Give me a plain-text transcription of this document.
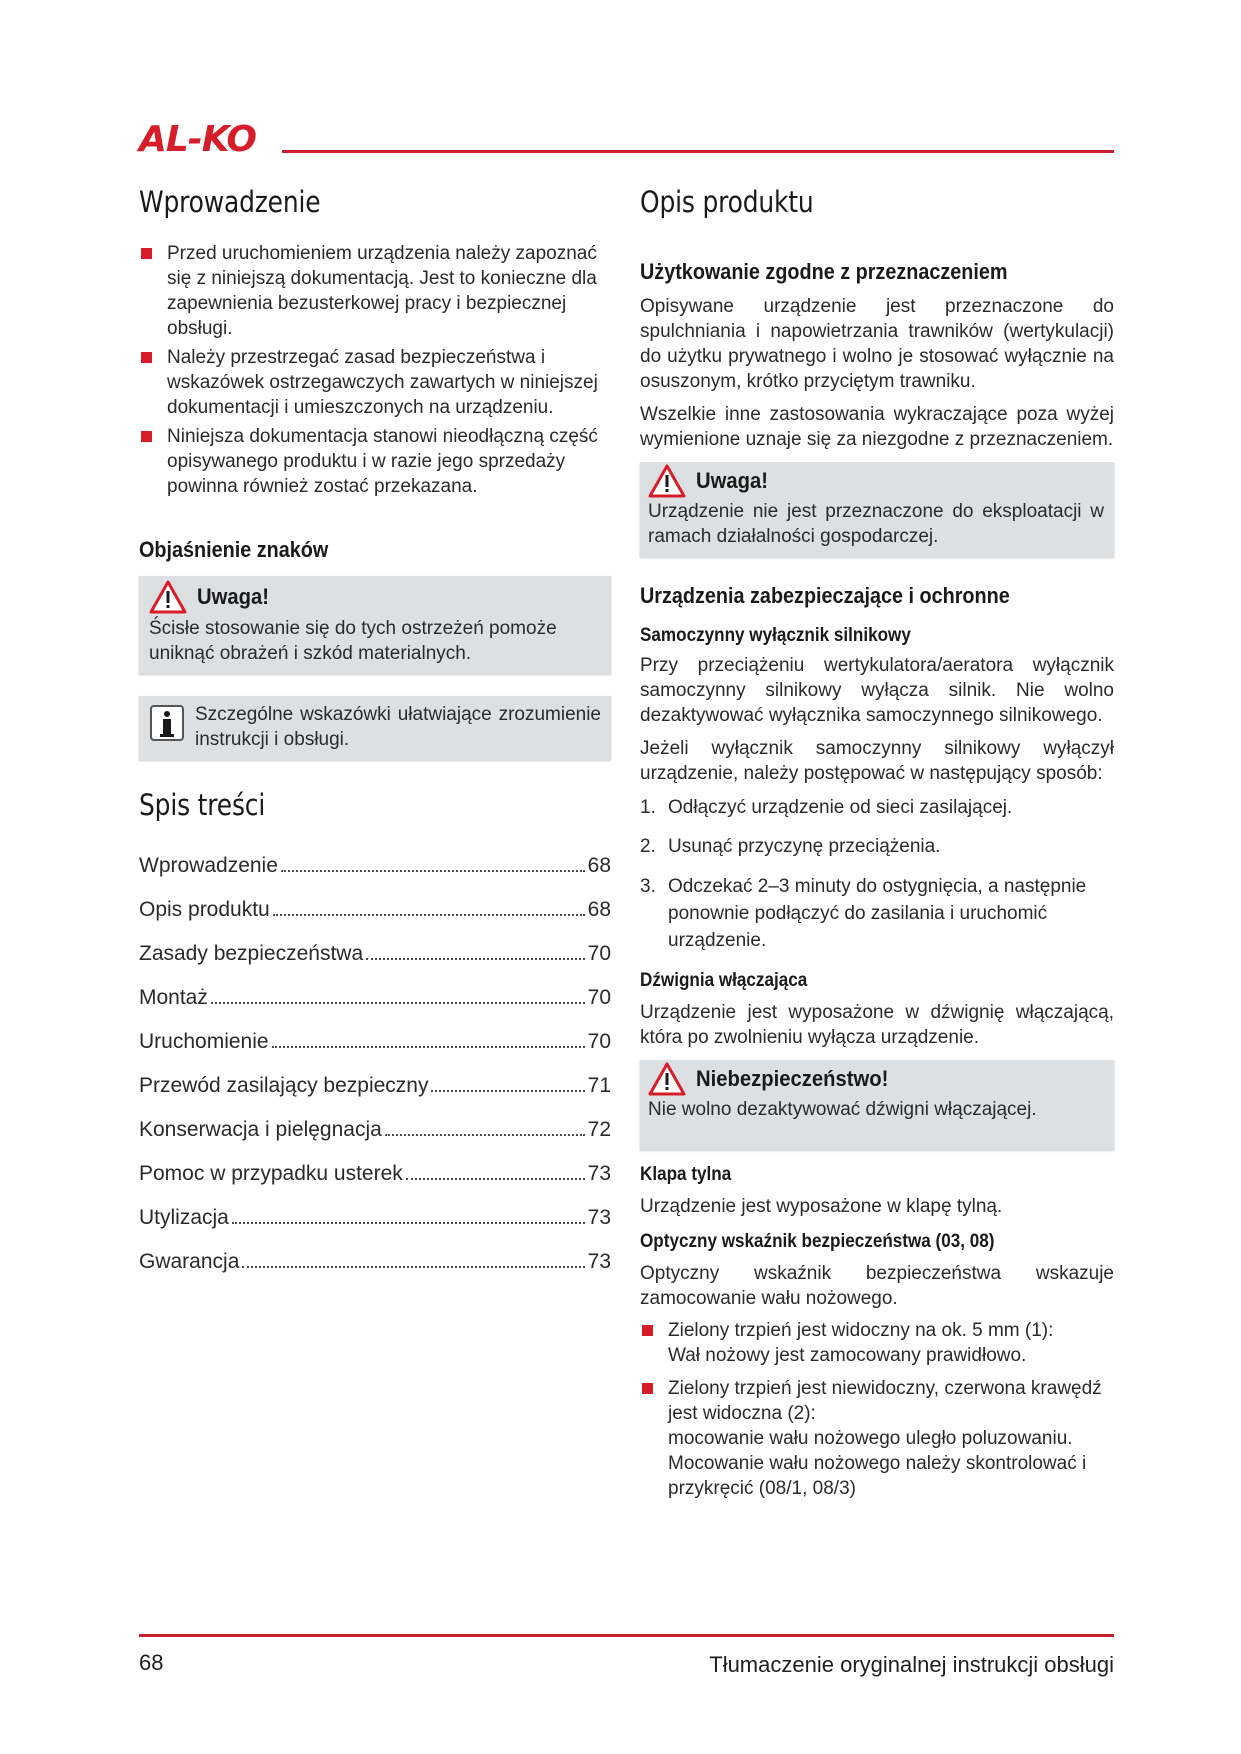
AL-KO
Wprowadzenie
Przed uruchomieniem urządzenia należy zapoznać się z niniejszą dokumentacją. Jest to konieczne dla zapewnienia bezusterkowej pracy i bezpiecznej obsługi.
Należy przestrzegać zasad bezpieczeństwa i wskazówek ostrzegawczych zawartych w niniejszej dokumentacji i umieszczonych na urządzeniu.
Niniejsza dokumentacja stanowi nieodłączną część opisywanego produktu i w razie jego sprzedaży powinna również zostać przekazana.
Objaśnienie znaków
Uwaga!

Ścisłe stosowanie się do tych ostrzeżeń pomoże uniknąć obrażeń i szkód materialnych.

Szczególne wskazówki ułatwiające zrozumienie instrukcji i obsługi.

Spis treści
Wprowadzenie	68
Opis produktu	68
Zasady bezpieczeństwa	70
Montaż	70
Uruchomienie	70
Przewód zasilający bezpieczny	71
Konserwacja i pielęgnacja	72
Pomoc w przypadku usterek	73
Utylizacja	73
Gwarancja	73
Opis produktu
Użytkowanie zgodne z przeznaczeniem

Opisywane urządzenie jest przeznaczone do spulchniania i napowietrzania trawników (wertykulacji) do użytku prywatnego i wolno je stosować wyłącznie na osuszonym, krótko przyciętym trawniku.

Wszelkie inne zastosowania wykraczające poza wyżej wymienione uznaje się za niezgodne z przeznaczeniem.

Uwaga!

Urządzenie nie jest przeznaczone do eksploatacji w ramach działalności gospodarczej.

Urządzenia zabezpieczające i ochronne
Samoczynny wyłącznik silnikowy

Przy przeciążeniu wertykulatora/aeratora wyłącznik samoczynny silnikowy wyłącza silnik. Nie wolno dezaktywować wyłącznika samoczynnego silnikowego.

Jeżeli wyłącznik samoczynny silnikowy wyłączył urządzenie, należy postępować w następujący sposób:

1. Odłączyć urządzenie od sieci zasilającej.
2. Usunąć przyczynę przeciążenia.
3. Odczekać 2–3 minuty do ostygnięcia, a następnie ponownie podłączyć do zasilania i uruchomić urządzenie.
Dźwignia włączająca

Urządzenie jest wyposażone w dźwignię włączającą, która po zwolnieniu wyłącza urządzenie.

Niebezpieczeństwo!

Nie wolno dezaktywować dźwigni włączającej.

Klapa tylna

Urządzenie jest wyposażone w klapę tylną.

Optyczny wskaźnik bezpieczeństwa (03, 08)

Optyczny wskaźnik bezpieczeństwa wskazuje zamocowanie wału nożowego.

Zielony trzpień jest widoczny na ok. 5 mm (1):
Wał nożowy jest zamocowany prawidłowo.
Zielony trzpień jest niewidoczny, czerwona krawędź jest widoczna (2):
mocowanie wału nożowego uległo poluzowaniu. Mocowanie wału nożowego należy skontrolować i przykręcić (08/1, 08/3)
68	Tłumaczenie oryginalnej instrukcji obsługi
